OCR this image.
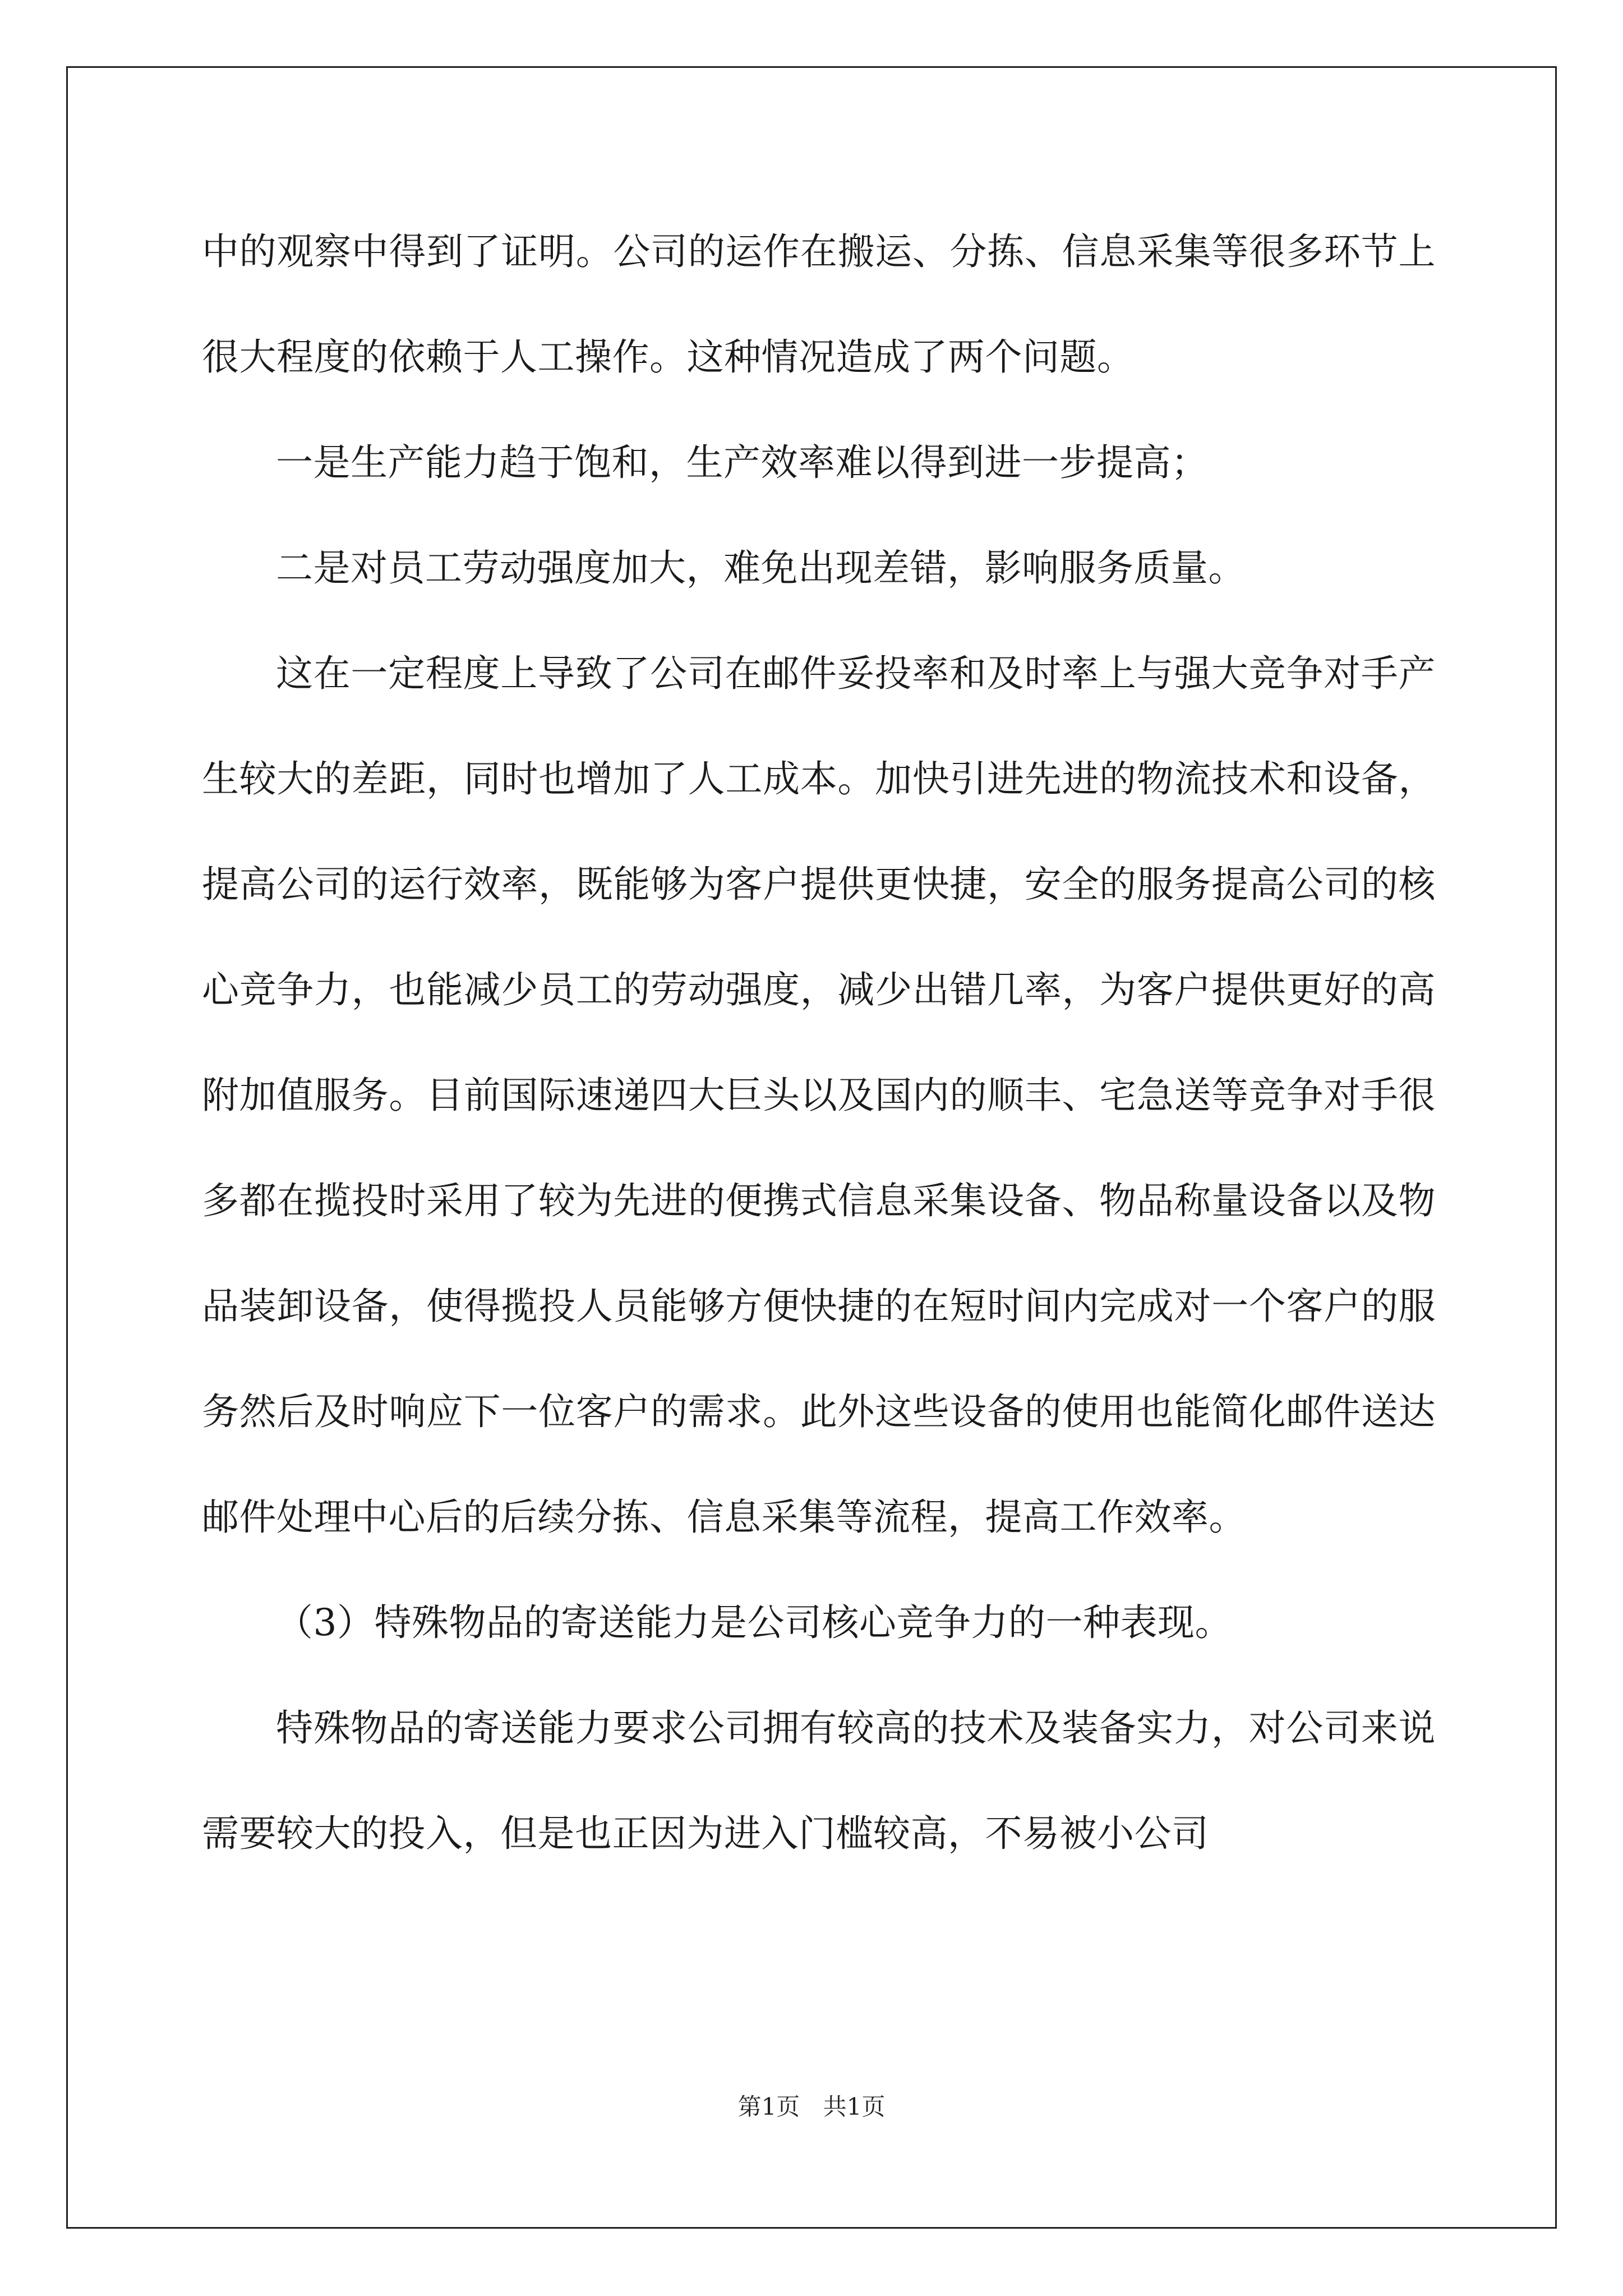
中的观察中得到了证明。公司的运作在搬运、分拣、信息采集等很多环节上很大程度的依赖于人工操作。这种情况造成了两个问题。

一是生产能力趋于饱和，生产效率难以得到进一步提高；

二是对员工劳动强度加大，难免出现差错，影响服务质量。

这在一定程度上导致了公司在邮件妥投率和及时率上与强大竞争对手产生较大的差距，同时也增加了人工成本。加快引进先进的物流技术和设备，提高公司的运行效率，既能够为客户提供更快捷，安全的服务提高公司的核心竞争力，也能减少员工的劳动强度，减少出错几率，为客户提供更好的高附加值服务。目前国际速递四大巨头以及国内的顺丰、宅急送等竞争对手很多都在揽投时采用了较为先进的便携式信息采集设备、物品称量设备以及物品装卸设备，使得揽投人员能够方便快捷的在短时间内完成对一个客户的服务然后及时响应下一位客户的需求。此外这些设备的使用也能简化邮件送达邮件处理中心后的后续分拣、信息采集等流程，提高工作效率。

（3）特殊物品的寄送能力是公司核心竞争力的一种表现。

特殊物品的寄送能力要求公司拥有较高的技术及装备实力，对公司来说需要较大的投入，但是也正因为进入门槛较高，不易被小公司

第1页 共1页
